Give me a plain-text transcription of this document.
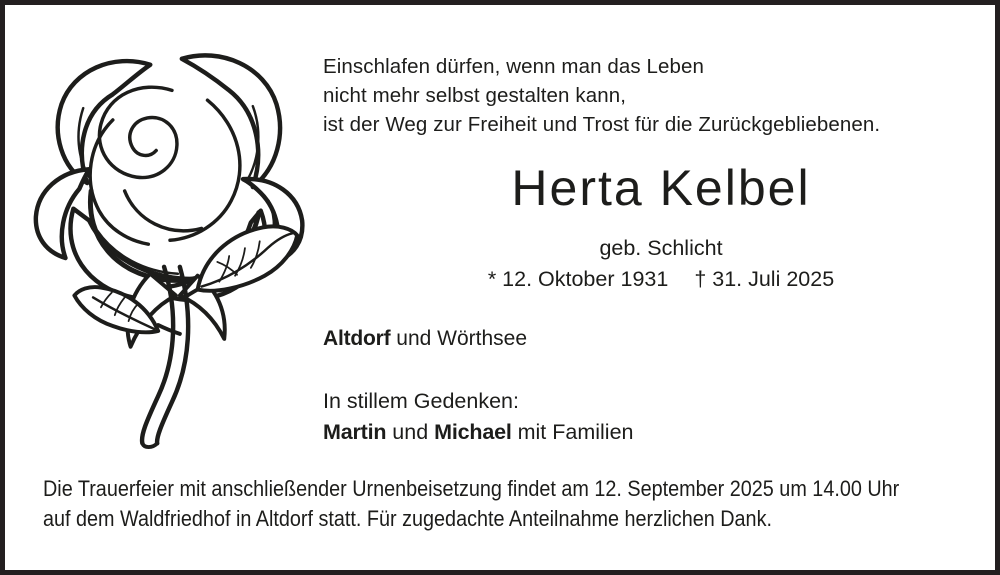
Einschlafen dürfen, wenn man das Leben
nicht mehr selbst gestalten kann,
ist der Weg zur Freiheit und Trost für die Zurückgebliebenen.
Herta Kelbel
geb. Schlicht
* 12. Oktober 1931 † 31. Juli 2025
Altdorf und Wörthsee
In stillem Gedenken:
Martin und Michael mit Familien
Die Trauerfeier mit anschließender Urnenbeisetzung findet am 12. September 2025 um 14.00 Uhr
auf dem Waldfriedhof in Altdorf statt. Für zugedachte Anteilnahme herzlichen Dank.
